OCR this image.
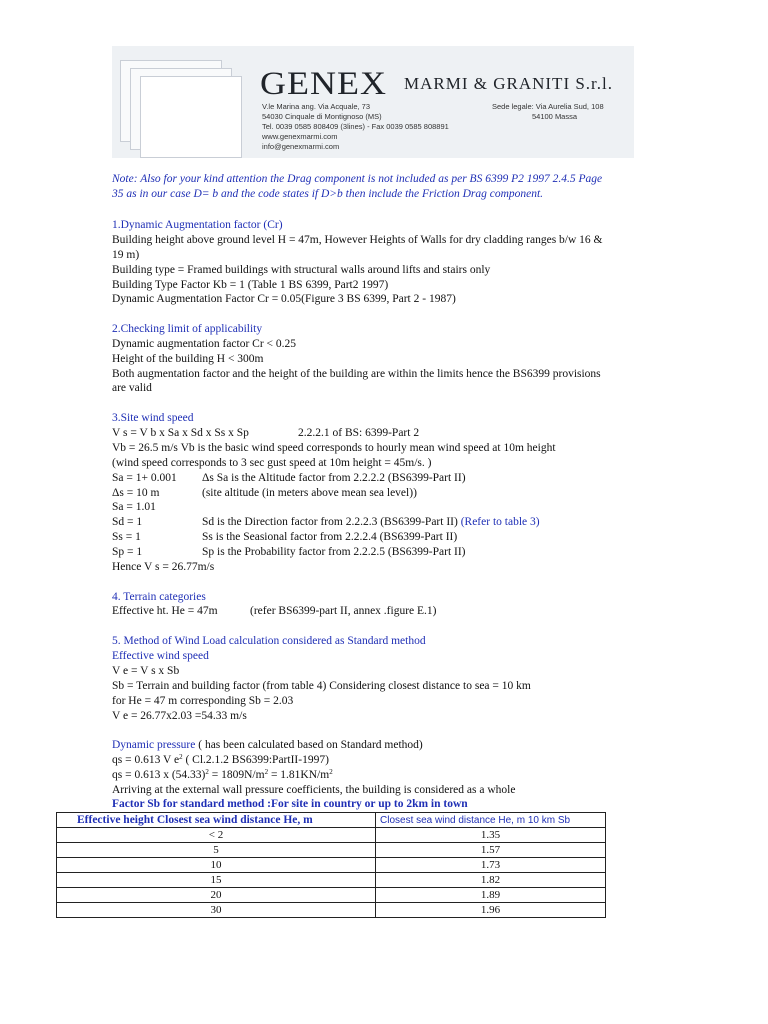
GENEX MARMI & GRANITI S.r.l.
V.le Marina ang. Via Acquale, 73
54030 Cinquale di Montignoso (MS)
Tel. 0039 0585 808409 (3lines) - Fax 0039 0585 808891
www.genexmarmi.com
info@genexmarmi.com
Sede legale: Via Aurelia Sud, 108
54100 Massa
Note: Also for your kind attention the Drag component is not included as per BS 6399 P2 1997 2.4.5 Page
35 as in our case D= b and the code states if D>b then include the Friction Drag component.
1.Dynamic Augmentation factor (Cr)
Building height above ground level H = 47m, However Heights of Walls for dry cladding ranges b/w 16 &
19 m)
Building type = Framed buildings with structural walls around lifts and stairs only
Building Type Factor Kb = 1 (Table 1 BS 6399, Part2 1997)
Dynamic Augmentation Factor Cr = 0.05(Figure 3 BS 6399, Part 2 - 1987)
2.Checking limit of applicability
Dynamic augmentation factor Cr < 0.25
Height of the building H < 300m
Both augmentation factor and the height of the building are within the limits hence the BS6399 provisions
are valid
3.Site wind speed
V s = V b x Sa x Sd x Ss x Sp	2.2.2.1 of BS: 6399-Part 2
Vb = 26.5 m/s Vb is the basic wind speed corresponds to hourly mean wind speed at 10m height
(wind speed corresponds to 3 sec gust speed at 10m height = 45m/s. )
Sa = 1+ 0.001 Δs Sa is the Altitude factor from 2.2.2.2 (BS6399-Part II)
Δs = 10 m	(site altitude (in meters above mean sea level))
Sa = 1.01
Sd = 1	Sd is the Direction factor from 2.2.2.3 (BS6399-Part II) (Refer to table 3)
Ss = 1	Ss is the Seasional factor from 2.2.2.4 (BS6399-Part II)
Sp = 1	Sp is the Probability factor from 2.2.2.5 (BS6399-Part II)
Hence V s = 26.77m/s
4. Terrain categories
Effective ht. He = 47m	(refer BS6399-part II, annex .figure E.1)
5. Method of Wind Load calculation considered as Standard method
Effective wind speed
V e = V s x Sb
Sb = Terrain and building factor (from table 4) Considering closest distance to sea = 10 km
for He = 47 m corresponding Sb = 2.03
V e = 26.77x2.03 =54.33 m/s
Dynamic pressure ( has been calculated based on Standard method)
qs = 0.613 V $e^2$ ( Cl.2.1.2 BS6399:PartII-1997)
qs = 0.613 x $(54.33)^2 = 1809N/m^2 = 1.81KN/m^2$
Arriving at the external wall pressure coefficients, the building is considered as a whole
Factor Sb for standard method :For site in country or up to 2km in town
Effective height Closest sea wind distance He, m	Closest sea wind distance He, m 10 km Sb
< 2	1.35
5	1.57
10	1.73
15	1.82
20	1.89
30	1.96
